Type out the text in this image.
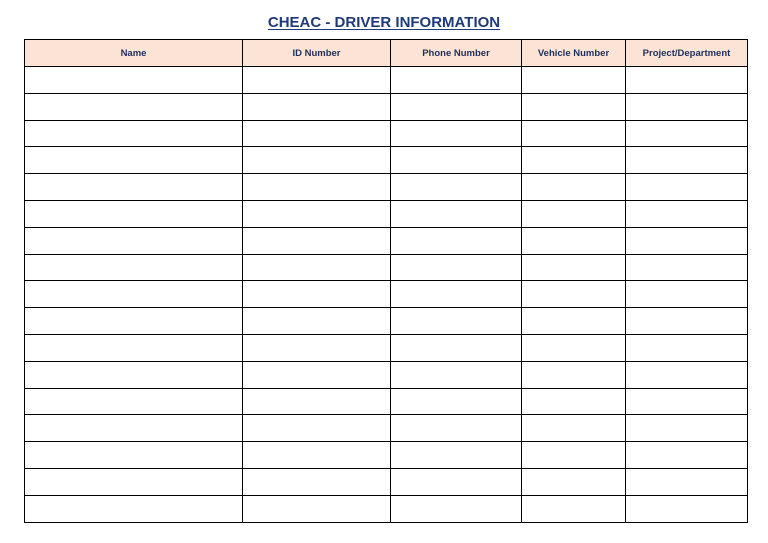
CHEAC - DRIVER INFORMATION
Name	ID Number	Phone Number	Vehicle Number	Project/Department
